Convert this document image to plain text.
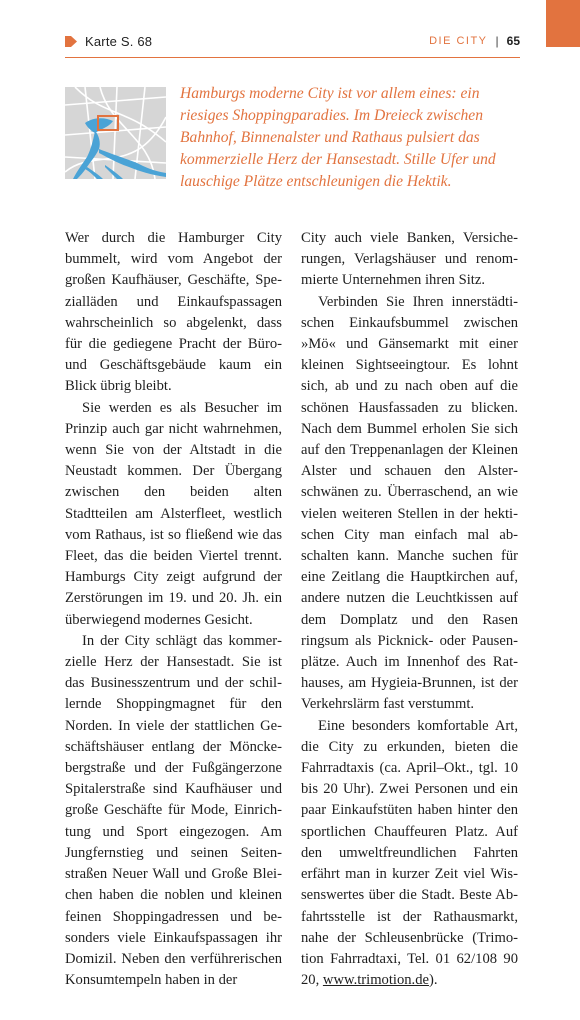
Karte S. 68	DIE CITY | 65

Hamburgs moderne City ist vor allem eines: ein riesiges Shoppingparadies. Im Dreieck zwischen Bahnhof, Binnenalster und Rathaus pulsiert das kommerzielle Herz der Hansestadt. Stille Ufer und lauschige Plätze entschleunigen die Hektik.

Wer durch die Hamburger City bummelt, wird vom Angebot der großen Kaufhäuser, Geschäfte, Spezialläden und Einkaufspassagen wahrscheinlich so abgelenkt, dass für die gediegene Pracht der Büro- und Geschäftsgebäude kaum ein Blick übrig bleibt.

Sie werden es als Besucher im Prinzip auch gar nicht wahrnehmen, wenn Sie von der Altstadt in die Neustadt kommen. Der Übergang zwischen den beiden alten Stadtteilen am Alsterfleet, westlich vom Rathaus, ist so fließend wie das Fleet, das die beiden Viertel trennt. Hamburgs City zeigt aufgrund der Zerstörungen im 19. und 20. Jh. ein überwiegend modernes Gesicht.

In der City schlägt das kommerzielle Herz der Hansestadt. Sie ist das Businesszentrum und der schillernde Shoppingmagnet für den Norden. In viele der stattlichen Geschäftshäuser entlang der Mönckebergstraße und der Fußgängerzone Spitalerstraße sind Kaufhäuser und große Geschäfte für Mode, Einrichtung und Sport eingezogen. Am Jungfernstieg und seinen Seitenstraßen Neuer Wall und Große Bleichen haben die noblen und kleinen feinen Shoppingadressen und besonders viele Einkaufspassagen ihr Domizil. Neben den verführerischen Konsumtempeln haben in der

City auch viele Banken, Versicherungen, Verlagshäuser und renommierte Unternehmen ihren Sitz.

Verbinden Sie Ihren innerstädtischen Einkaufsbummel zwischen »Mö« und Gänsemarkt mit einer kleinen Sightseeingtour. Es lohnt sich, ab und zu nach oben auf die schönen Hausfassaden zu blicken. Nach dem Bummel erholen Sie sich auf den Treppenanlagen der Kleinen Alster und schauen den Alsterschwänen zu. Überraschend, an wie vielen weiteren Stellen in der hektischen City man einfach mal abschalten kann. Manche suchen für eine Zeitlang die Hauptkirchen auf, andere nutzen die Leuchtkissen auf dem Domplatz und den Rasen ringsum als Picknick- oder Pausenplätze. Auch im Innenhof des Rathauses, am Hygieia-Brunnen, ist der Verkehrslärm fast verstummt.

Eine besonders komfortable Art, die City zu erkunden, bieten die Fahrradtaxis (ca. April–Okt., tgl. 10 bis 20 Uhr). Zwei Personen und ein paar Einkaufstüten haben hinter den sportlichen Chauffeuren Platz. Auf den umweltfreundlichen Fahrten erfährt man in kurzer Zeit viel Wissenswertes über die Stadt. Beste Abfahrtsstelle ist der Rathausmarkt, nahe der Schleusenbrücke (Trimotion Fahrradtaxi, Tel. 01 62/108 90 20, www.trimotion.de).
